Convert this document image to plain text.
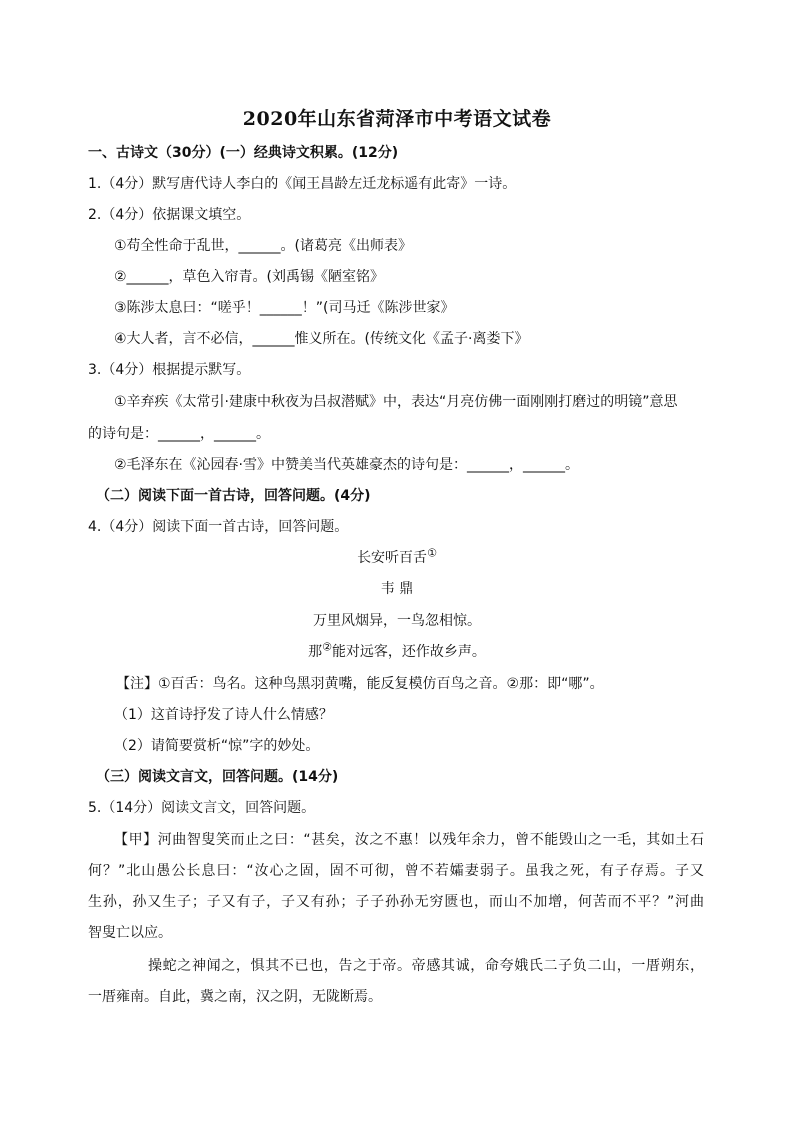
2020年山东省菏泽市中考语文试卷
一、古诗文（30分）(一）经典诗文积累。(12分)
1.（4分）默写唐代诗人李白的《闻王昌龄左迁龙标遥有此寄》一诗。
2.（4分）依据课文填空。
①苟全性命于乱世，______。(诸葛亮《出师表》
②______，草色入帘青。(刘禹锡《陋室铭》
③陈涉太息曰：“嗟乎！______！”(司马迁《陈涉世家》
④大人者，言不必信，______惟义所在。(传统文化《孟子·离娄下》
3.（4分）根据提示默写。
①辛弃疾《太常引·建康中秋夜为吕叔潜赋》中，表达“月亮仿佛一面刚刚打磨过的明镜”意思
的诗句是：______，______。
②毛泽东在《沁园春·雪》中赞美当代英雄豪杰的诗句是：______，______。
（二）阅读下面一首古诗，回答问题。(4分)
4.（4分）阅读下面一首古诗，回答问题。
长安听百舌①
韦 鼎
万里风烟异，一鸟忽相惊。
那②能对远客，还作故乡声。
【注】①百舌：鸟名。这种鸟黑羽黄嘴，能反复模仿百鸟之音。②那：即“哪”。
（1）这首诗抒发了诗人什么情感？
（2）请简要赏析“惊”字的妙处。
（三）阅读文言文，回答问题。(14分)
5.（14分）阅读文言文，回答问题。
【甲】河曲智叟笑而止之曰：“甚矣，汝之不惠！以残年余力，曾不能毁山之一毛，其如土石
何？”北山愚公长息曰：“汝心之固，固不可彻，曾不若孀妻弱子。虽我之死，有子存焉。子又
生孙，孙又生子；子又有子，子又有孙；子子孙孙无穷匮也，而山不加增，何苦而不平？”河曲
智叟亡以应。
操蛇之神闻之，惧其不已也，告之于帝。帝感其诚，命夸娥氏二子负二山，一厝朔东，
一厝雍南。自此，冀之南，汉之阴，无陇断焉。
